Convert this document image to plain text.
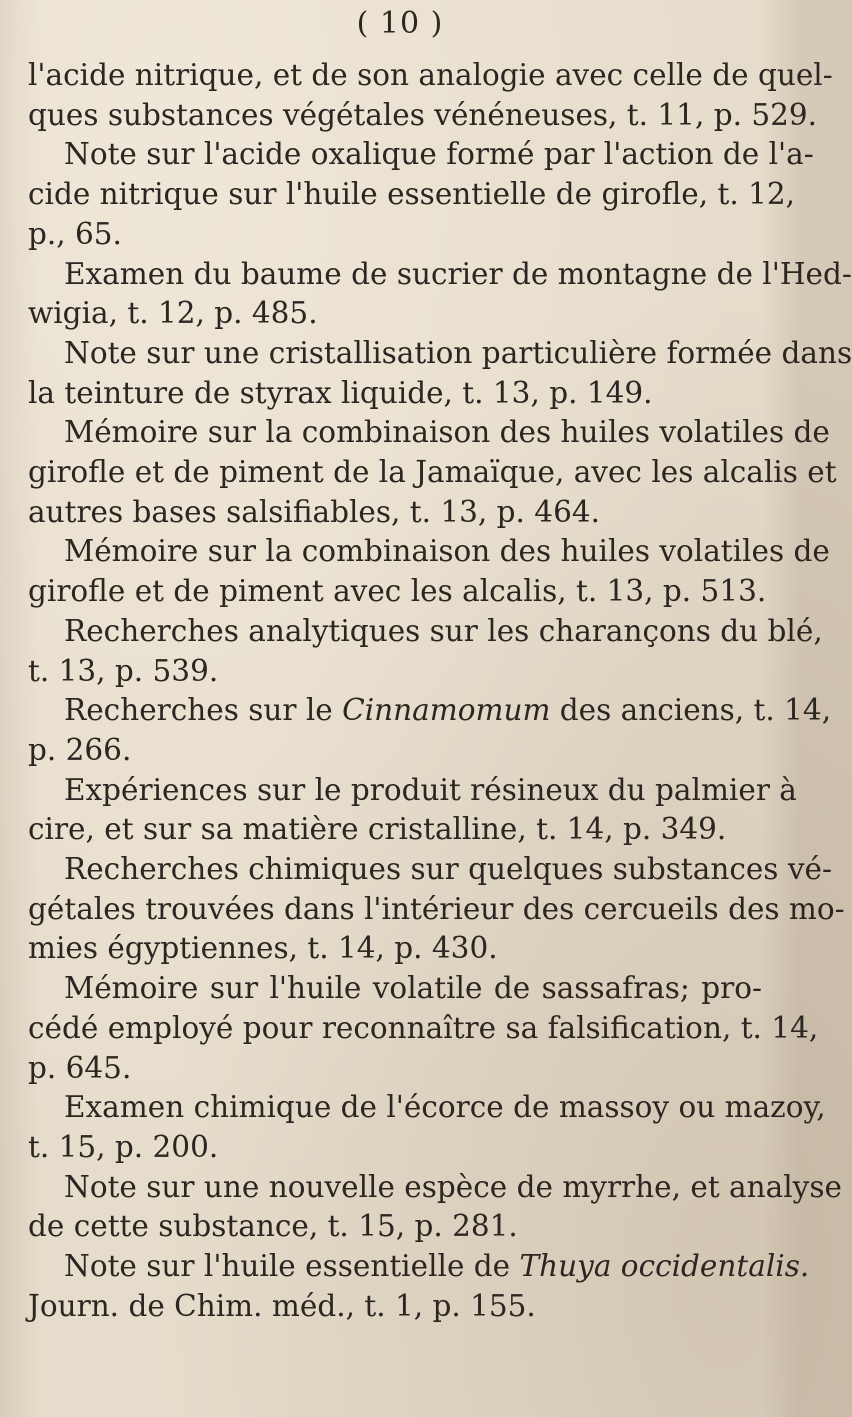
( 10 )
l'acide nitrique, et de son analogie avec celle de quel-
ques substances végétales vénéneuses, t. 11, p. 529.
Note sur l'acide oxalique formé par l'action de l'a-
cide nitrique sur l'huile essentielle de girofle, t. 12,
p., 65.
Examen du baume de sucrier de montagne de l'Hed-
wigia, t. 12, p. 485.
Note sur une cristallisation particulière formée dans
la teinture de styrax liquide, t. 13, p. 149.
Mémoire sur la combinaison des huiles volatiles de
girofle et de piment de la Jamaïque, avec les alcalis et
autres bases salsifiables, t. 13, p. 464.
Mémoire sur la combinaison des huiles volatiles de
girofle et de piment avec les alcalis, t. 13, p. 513.
Recherches analytiques sur les charançons du blé,
t. 13, p. 539.
Recherches sur le Cinnamomum des anciens, t. 14,
p. 266.
Expériences sur le produit résineux du palmier à
cire, et sur sa matière cristalline, t. 14, p. 349.
Recherches chimiques sur quelques substances vé-
gétales trouvées dans l'intérieur des cercueils des mo-
mies égyptiennes, t. 14, p. 430.
Mémoire sur l'huile volatile de sassafras; pro-
cédé employé pour reconnaître sa falsification, t. 14,
p. 645.
Examen chimique de l'écorce de massoy ou mazoy,
t. 15, p. 200.
Note sur une nouvelle espèce de myrrhe, et analyse
de cette substance, t. 15, p. 281.
Note sur l'huile essentielle de Thuya occidentalis.
Journ. de Chim. méd., t. 1, p. 155.
